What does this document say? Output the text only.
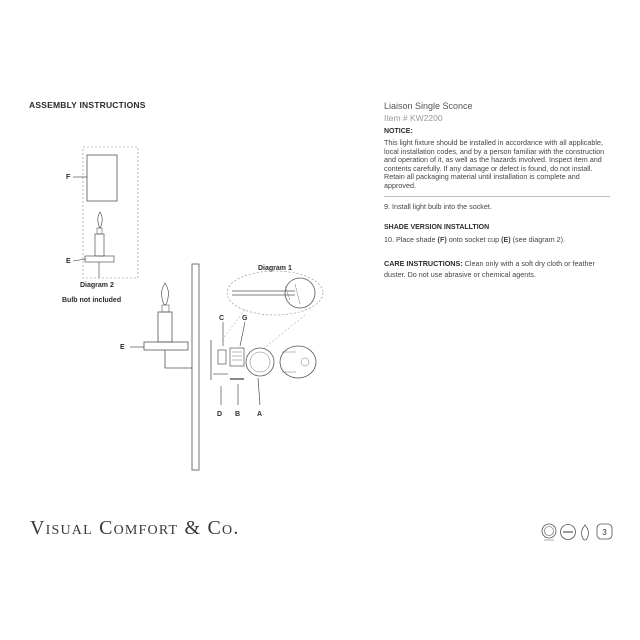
ASSEMBLY INSTRUCTIONS
F
E
Diagram 2
Bulb not included
E
C	G
D B A
Diagram 1
Liaison Single Sconce
Item # KW2200
NOTICE:
This light fixture should be installed in accordance with all applicable, local installation codes, and by a person familiar with the construction and operation of it, as well as the hazards involved. Inspect item and contents carefully. If any damage or defect is found, do not install. Retain all packaging material until installation is complete and approved.
9. Install light bulb into the socket.
SHADE VERSION INSTALLTION
10. Place shade (F) onto socket cup (E) (see diagram 2).
CARE INSTRUCTIONS: Clean only with a soft dry cloth or feather duster. Do not use abrasive or chemical agents.
Visual Comfort & Co.	3
